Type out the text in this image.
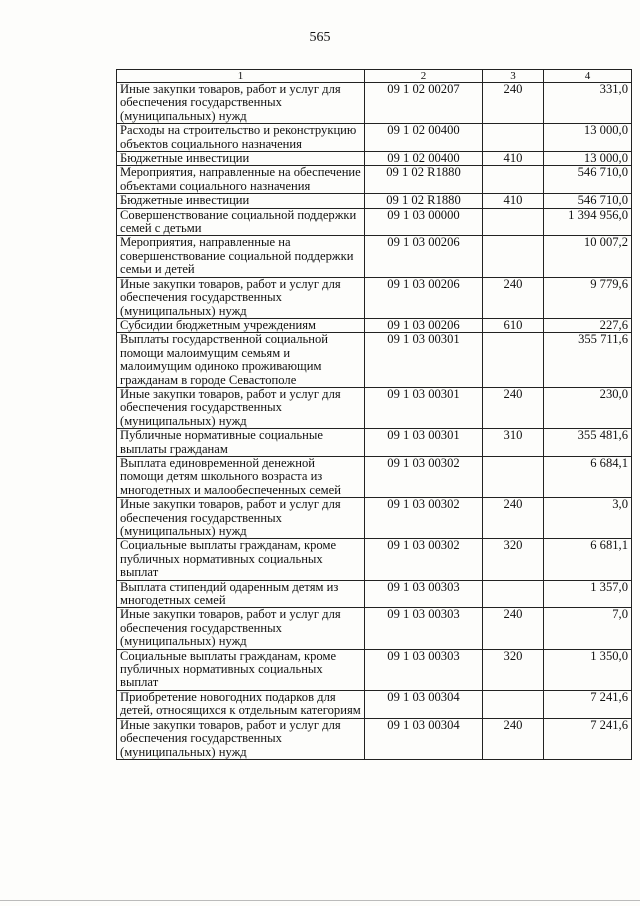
565
1	2	3	4
Иные закупки товаров, работ и услуг для обеспечения государственных (муниципальных) нужд	09 1 02 00207	240	331,0
Расходы на строительство и реконструкцию объектов социального назначения	09 1 02 00400		13 000,0
Бюджетные инвестиции	09 1 02 00400	410	13 000,0
Мероприятия, направленные на обеспечение объектами социального назначения	09 1 02 R1880		546 710,0
Бюджетные инвестиции	09 1 02 R1880	410	546 710,0
Совершенствование социальной поддержки семей с детьми	09 1 03 00000		1 394 956,0
Мероприятия, направленные на совершенствование социальной поддержки семьи и детей	09 1 03 00206		10 007,2
Иные закупки товаров, работ и услуг для обеспечения государственных (муниципальных) нужд	09 1 03 00206	240	9 779,6
Субсидии бюджетным учреждениям	09 1 03 00206	610	227,6
Выплаты государственной социальной помощи малоимущим семьям и малоимущим одиноко проживающим гражданам в городе Севастополе	09 1 03 00301		355 711,6
Иные закупки товаров, работ и услуг для обеспечения государственных (муниципальных) нужд	09 1 03 00301	240	230,0
Публичные нормативные социальные выплаты гражданам	09 1 03 00301	310	355 481,6
Выплата единовременной денежной помощи детям школьного возраста из многодетных и малообеспеченных семей	09 1 03 00302		6 684,1
Иные закупки товаров, работ и услуг для обеспечения государственных (муниципальных) нужд	09 1 03 00302	240	3,0
Социальные выплаты гражданам, кроме публичных нормативных социальных выплат	09 1 03 00302	320	6 681,1
Выплата стипендий одаренным детям из многодетных семей	09 1 03 00303		1 357,0
Иные закупки товаров, работ и услуг для обеспечения государственных (муниципальных) нужд	09 1 03 00303	240	7,0
Социальные выплаты гражданам, кроме публичных нормативных социальных выплат	09 1 03 00303	320	1 350,0
Приобретение новогодних подарков для детей, относящихся к отдельным категориям	09 1 03 00304		7 241,6
Иные закупки товаров, работ и услуг для обеспечения государственных (муниципальных) нужд	09 1 03 00304	240	7 241,6
